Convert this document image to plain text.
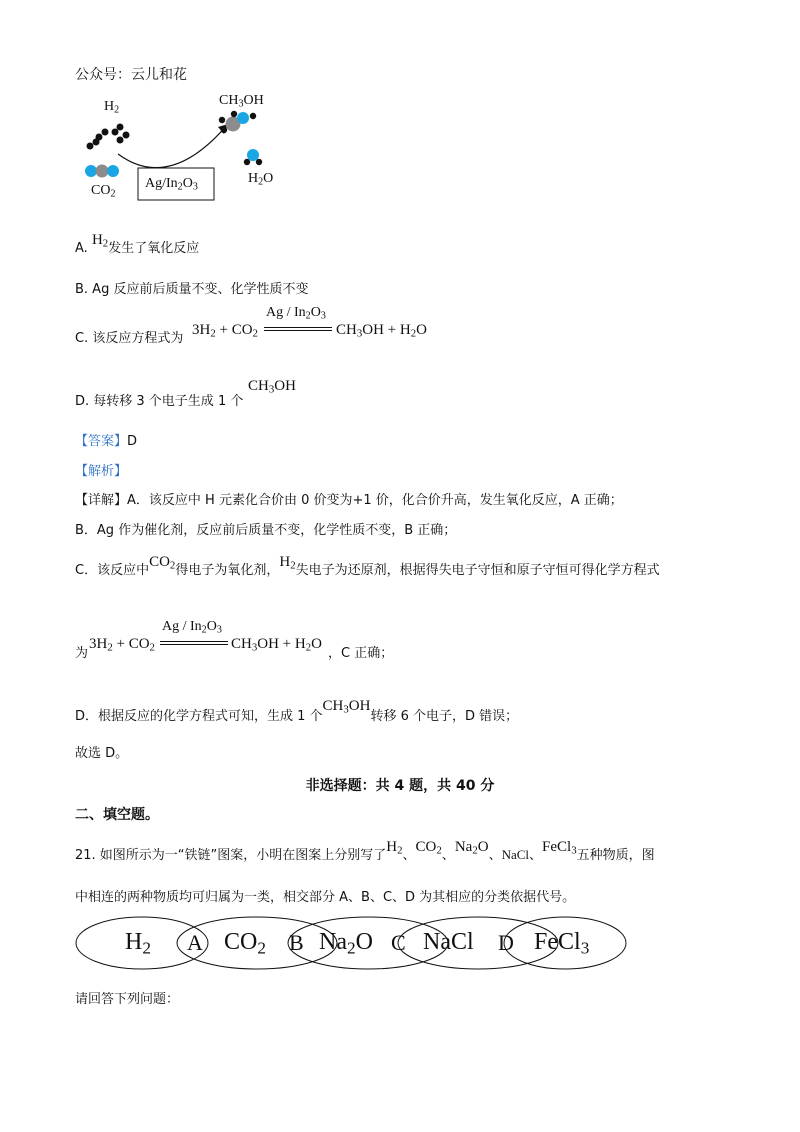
公众号：云儿和花
$H_2$
$CH_3OH$
$CO_2$
$H_2O$
$Ag/In_2O_3$
A. $H_2$发生了氧化反应
B. Ag 反应前后质量不变、化学性质不变
C. 该反应方程式为
$3H_2 + CO_2$
Ag / $In_2O_3$
$CH_3OH + H_2O$
D. 每转移 3 个电子生成 1 个
$CH_3OH$
【答案】D
【解析】
【详解】A．该反应中 H 元素化合价由 0 价变为+1 价，化合价升高，发生氧化反应，A 正确；
B．Ag 作为催化剂，反应前后质量不变，化学性质不变，B 正确；
C．该反应中$CO_2$得电子为氧化剂，$H_2$失电子为还原剂，根据得失电子守恒和原子守恒可得化学方程式
为
$3H_2 + CO_2$
Ag / $In_2O_3$
$CH_3OH + H_2O$
，C 正确；
D．根据反应的化学方程式可知，生成 1 个$CH_3OH$转移 6 个电子，D 错误；
故选 D。
非选择题：共 4 题，共 40 分
二、填空题。
21. 如图所示为一“铁链”图案，小明在图案上分别写了$H_2$、$CO_2$、$Na_2O$、NaCl、FeCl$_3$五种物质，图
中相连的两种物质均可归属为一类，相交部分 A、B、C、D 为其相应的分类依据代号。
$H_2$ A $CO_2$ B $Na_2O$ C NaCl D FeCl$_3$
请回答下列问题：
